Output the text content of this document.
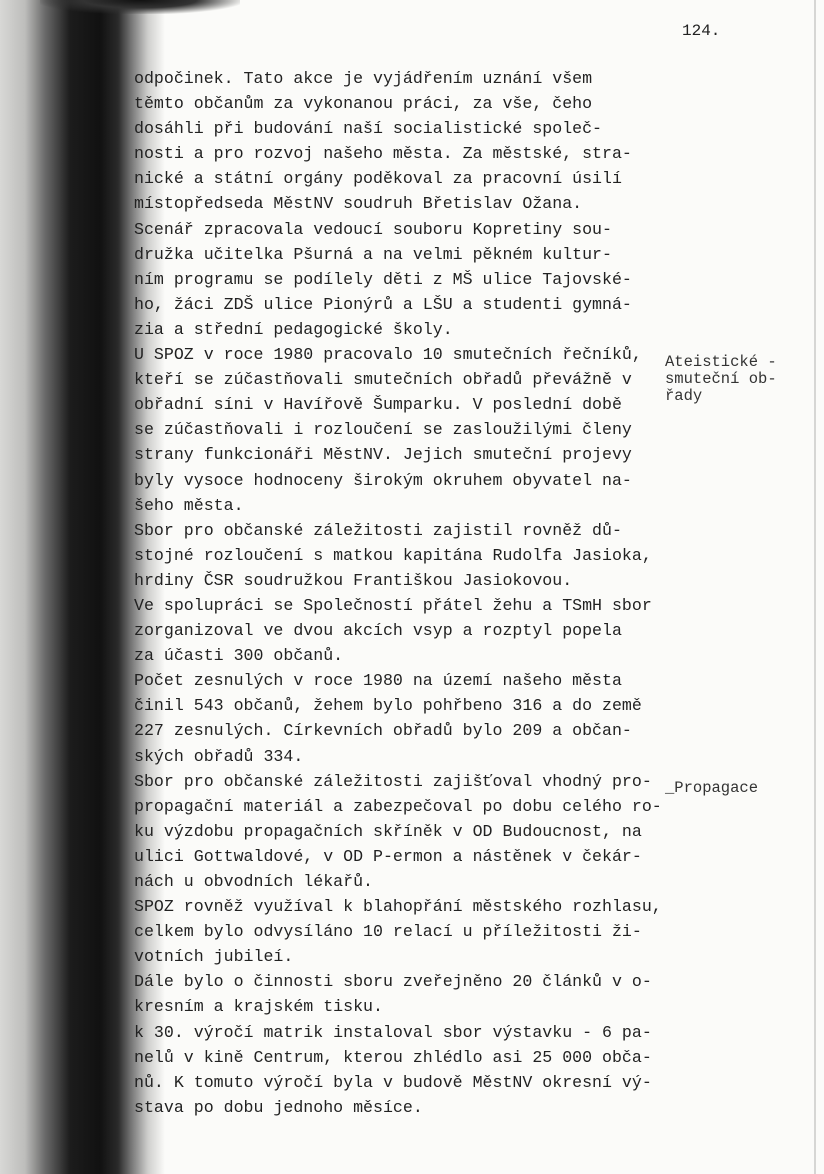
124.
odpočinek. Tato akce je vyjádřením uznání všem
těmto občanům za vykonanou práci, za vše, čeho
dosáhli při budování naší socialistické společ-
nosti a pro rozvoj našeho města. Za městské, stra-
nické a státní orgány poděkoval za pracovní úsilí
místopředseda MěstNV soudruh Břetislav Ožana.
Scenář zpracovala vedoucí souboru Kopretiny sou-
družka učitelka Pšurná a na velmi pěkném kultur-
ním programu se podílely děti z MŠ ulice Tajovské-
ho, žáci ZDŠ ulice Pionýrů a LŠU a studenti gymná-
zia a střední pedagogické školy.
U SPOZ v roce 1980 pracovalo 10 smutečních řečníků,
kteří se zúčastňovali smutečních obřadů převážně v
obřadní síni v Havířově Šumparku. V poslední době
se zúčastňovali i rozloučení se zasloužilými členy
strany funkcionáři MěstNV. Jejich smuteční projevy
byly vysoce hodnoceny širokým okruhem obyvatel na-
šeho města.
Sbor pro občanské záležitosti zajistil rovněž dů-
stojné rozloučení s matkou kapitána Rudolfa Jasioka,
hrdiny ČSR soudružkou Františkou Jasiokovou.
Ve spolupráci se Společností přátel žehu a TSmH sbor
zorganizoval ve dvou akcích vsyp a rozptyl popela
za účasti 300 občanů.
Počet zesnulých v roce 1980 na území našeho města
činil 543 občanů, žehem bylo pohřbeno 316 a do země
227 zesnulých. Církevních obřadů bylo 209 a občan-
ských obřadů 334.
Sbor pro občanské záležitosti zajišťoval vhodný pro-
propagační materiál a zabezpečoval po dobu celého ro-
ku výzdobu propagačních skříněk v OD Budoucnost, na
ulici Gottwaldové, v OD P-ermon a nástěnek v čekár-
nách u obvodních lékařů.
SPOZ rovněž využíval k blahopřání městského rozhlasu,
celkem bylo odvysíláno 10 relací u příležitosti ži-
votních jubileí.
Dále bylo o činnosti sboru zveřejněno 20 článků v o-
kresním a krajském tisku.
k 30. výročí matrik instaloval sbor výstavku - 6 pa-
nelů v kině Centrum, kterou zhlédlo asi 25 000 obča-
nů. K tomuto výročí byla v budově MěstNV okresní vý-
stava po dobu jednoho měsíce.
Ateistické -
smuteční ob-
řady
_Propagace
